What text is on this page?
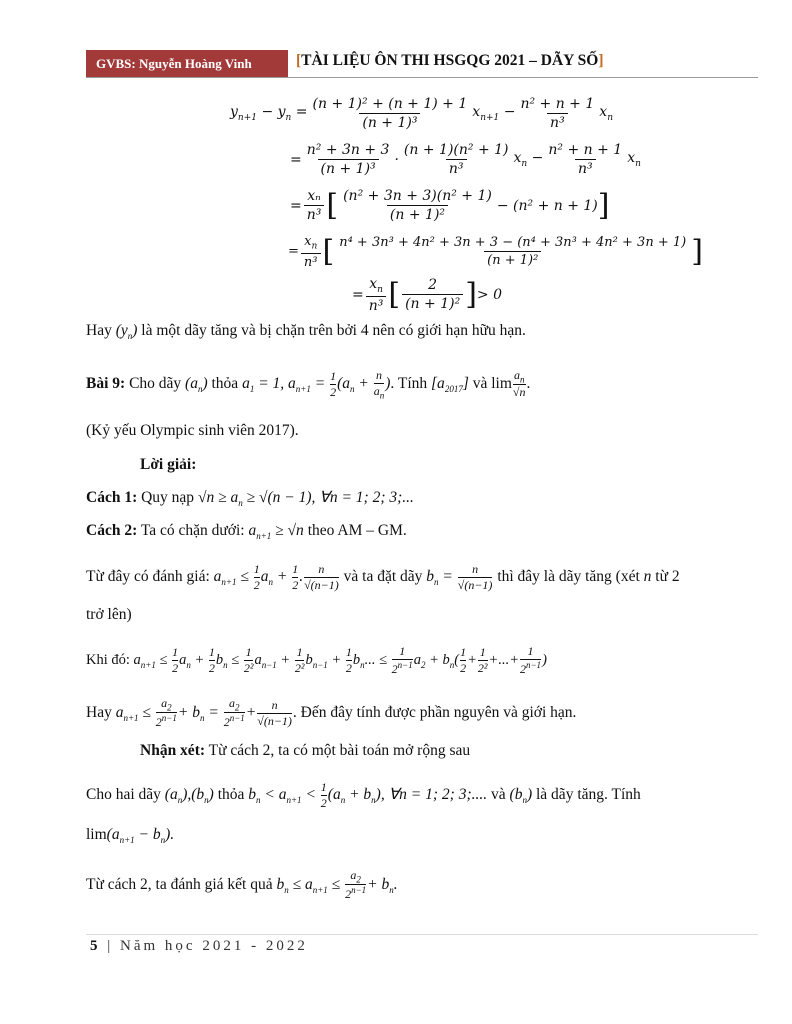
GVBS: Nguyễn Hoàng Vinh	[TÀI LIỆU ÔN THI HSGQG 2021 – DÃY SỐ]
$y_{n+1} - y_n = \frac{\text{(n + 1)² + (n + 1) + 1}}{\text{(n + 1)³}} x_{n+1} - \frac{\text{n² + n + 1}}{\text{n³}} x_n$
= $\frac{\text{n² + 3n + 3}}{\text{(n + 1)³}} \cdot \frac{\text{(n + 1)(n² + 1)}}{\text{n³}} x_n - \frac{\text{n² + n + 1}}{\text{n³}} x_n$
= $\frac{\text{xₙ}}{\text{n³}}$ [ $\frac{\text{(n² + 3n + 3)(n² + 1)}}{\text{(n + 1)²}} - (n^2 + n + 1)$ ]
= $\frac{x_n}{\text{n³}}$ [ $\frac{\text{n⁴ + 3n³ + 4n² + 3n + 3 − (n⁴ + 3n³ + 4n² + 3n + 1)}}{\text{(n + 1)²}}$ ]
= $\frac{x_n}{\text{n³}}$ [ $\frac{2}{\text{(n + 1)²}}$ ] > 0
Hay $(y_n)$ là một dãy tăng và bị chặn trên bởi 4 nên có giới hạn hữu hạn.
Bài 9: Cho dãy $(a_n)$ thỏa $a_1 = 1$, $a_{n+1} = \frac{1}{2} (a_n + \frac{n}{a_n}$ ). Tính $[a_{2017}]$ và $\lim \frac{a_n}{√n}$ .
(Kỷ yếu Olympic sinh viên 2017).
Lời giải:
Cách 1: Quy nạp $√n \ge a_n \ge √(n - 1)$, ∀n = 1; 2; 3;...
Cách 2: Ta có chặn dưới: $a_{n+1} \ge √n$ theo AM – GM.
Từ đây có đánh giá: $a_{n+1} \le \frac{1}{2} a_n + \frac{1}{2}$ . $\frac{n}{√(n-1)}$ và ta đặt dãy $b_n = \frac{n}{√(n-1)}$ thì đây là dãy tăng (xét n từ 2
trở lên)
Khi đó: $a_{n+1} \le \frac{1}{2} a_n + \frac{1}{2} b_n \le \frac{1}{\text{2²}} a_{n-1} + \frac{1}{\text{2²}} b_{n-1} + \frac{1}{2} b_n$... ≤ $\frac{1}{2^{n-1}} a_2 + b_n( \frac{1}{2} + \frac{1}{\text{2²}}$ +...+ $\frac{1}{2^{n-1}}$ )
Hay $a_{n+1} \le \frac{a_2}{2^{n-1}} + b_n = \frac{a_2}{2^{n-1}} + \frac{n}{√(n-1)}$ . Đến đây tính được phần nguyên và giới hạn.
Nhận xét: Từ cách 2, ta có một bài toán mở rộng sau
Cho hai dãy $(a_n),(b_n)$ thỏa $b_n < a_{n+1} < \frac{1}{2} (a_n + b_n)$, ∀n = 1; 2; 3;.... và $(b_n)$ là dãy tăng. Tính
$\lim(a_{n+1} - b_n)$.
Từ cách 2, ta đánh giá kết quả $b_n \le a_{n+1} \le \frac{a_2}{2^{n-1}} + b_n$.
5 | Năm học 2021 - 2022
